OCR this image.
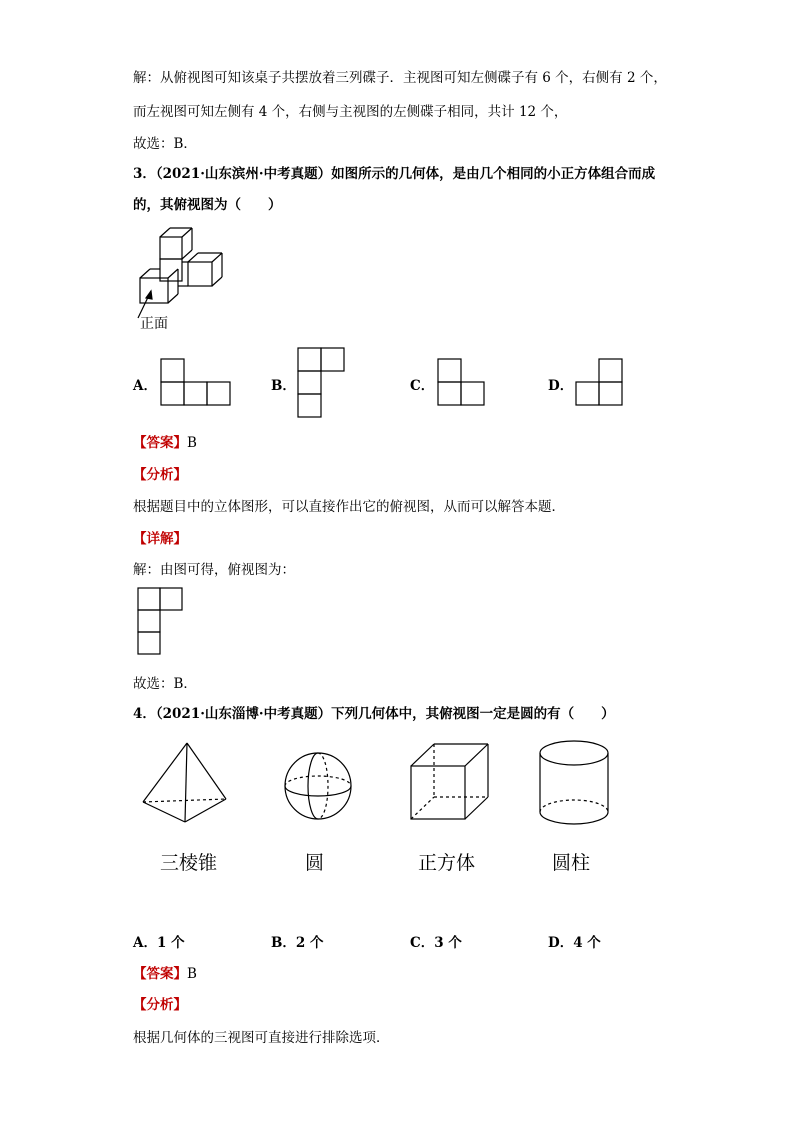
解：从俯视图可知该桌子共摆放着三列碟子．主视图可知左侧碟子有 6 个，右侧有 2 个，
而左视图可知左侧有 4 个，右侧与主视图的左侧碟子相同，共计 12 个，
故选：B．
3．（2021·山东滨州·中考真题）如图所示的几何体，是由几个相同的小正方体组合而成
的，其俯视图为（　　）
正面
A．	B．	C．	D．
【答案】B
【分析】
根据题目中的立体图形，可以直接作出它的俯视图，从而可以解答本题．
【详解】
解：由图可得，俯视图为：
故选：B．
4．（2021·山东淄博·中考真题）下列几何体中，其俯视图一定是圆的有（　　）
三棱锥	圆	正方体	圆柱
A．1 个	B．2 个	C．3 个	D．4 个
【答案】B
【分析】
根据几何体的三视图可直接进行排除选项．
